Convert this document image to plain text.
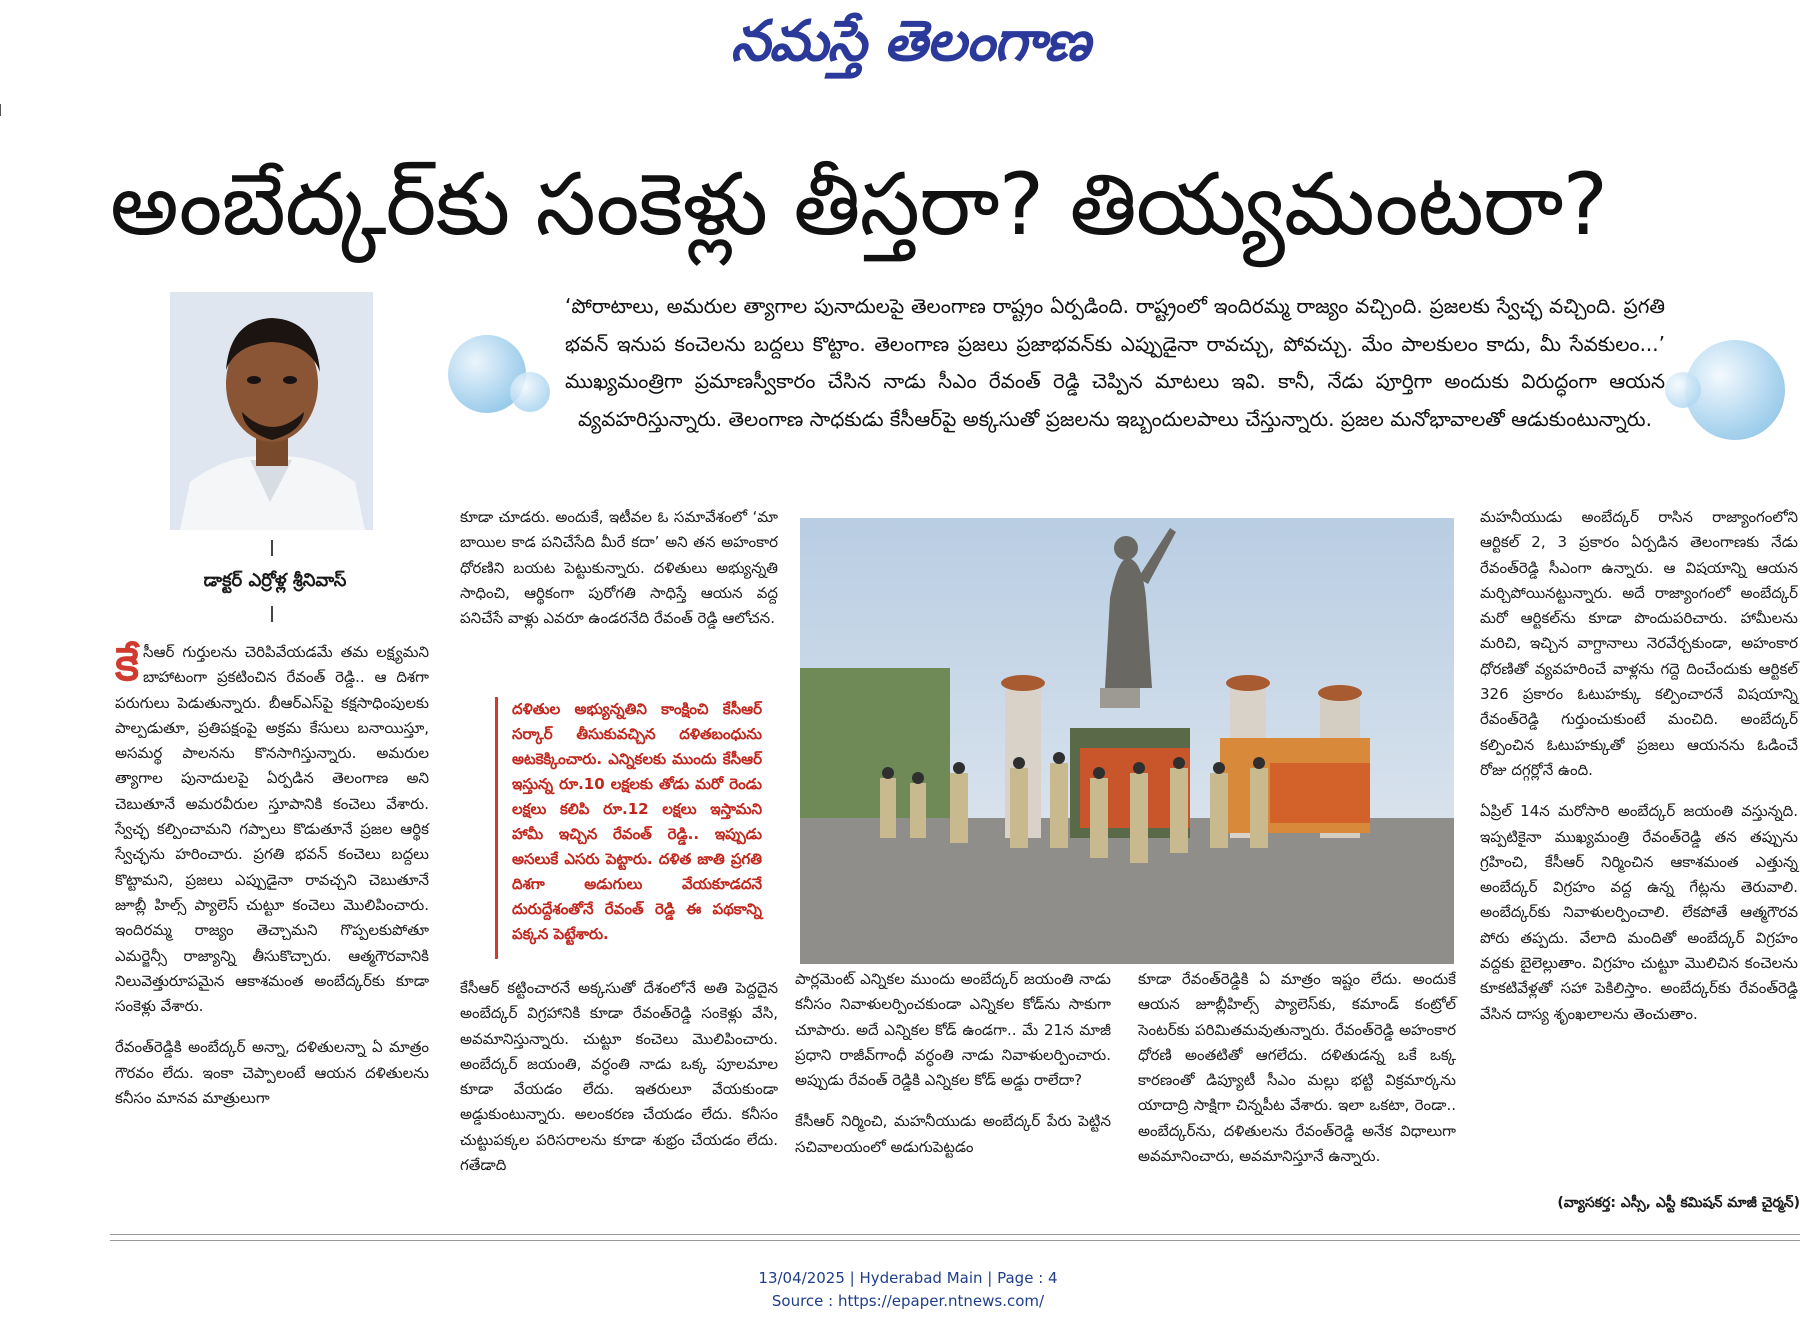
నమస్తే తెలంగాణ
అంబేద్కర్‌కు సంకెళ్లు తీస్తరా? తియ్యమంటరా?
డాక్టర్ ఎర్రోళ్ల శ్రీనివాస్
‘పోరాటాలు, అమరుల త్యాగాల పునాదులపై తెలంగాణ రాష్ట్రం ఏర్పడింది. రాష్ట్రంలో ఇందిరమ్మ రాజ్యం వచ్చింది. ప్రజలకు స్వేచ్ఛ వచ్చింది. ప్రగతి భవన్ ఇనుప కంచెలను బద్దలు కొట్టాం. తెలంగాణ ప్రజలు ప్రజాభవన్‌కు ఎప్పుడైనా రావచ్చు, పోవచ్చు. మేం పాలకులం కాదు, మీ సేవకులం...’ ముఖ్యమంత్రిగా ప్రమాణస్వీకారం చేసిన నాడు సీఎం రేవంత్ రెడ్డి చెప్పిన మాటలు ఇవి. కానీ, నేడు పూర్తిగా అందుకు విరుద్ధంగా ఆయన వ్యవహరిస్తున్నారు. తెలంగాణ సాధకుడు కేసీఆర్‌పై అక్కసుతో ప్రజలను ఇబ్బందులపాలు చేస్తున్నారు. ప్రజల మనోభావాలతో ఆడుకుంటున్నారు.

కేసీఆర్ గుర్తులను చెరిపివేయడమే తమ లక్ష్యమని బాహాటంగా ప్రకటించిన రేవంత్ రెడ్డి.. ఆ దిశగా పరుగులు పెడుతున్నారు. బీఆర్ఎస్‌పై కక్షసాధింపులకు పాల్పడుతూ, ప్రతిపక్షంపై అక్రమ కేసులు బనాయిస్తూ, అసమర్థ పాలనను కొనసాగిస్తున్నారు. అమరుల త్యాగాల పునాదులపై ఏర్పడిన తెలంగాణ అని చెబుతూనే అమరవీరుల స్తూపానికి కంచెలు వేశారు. స్వేచ్ఛ కల్పించామని గప్పాలు కొడుతూనే ప్రజల ఆర్థిక స్వేచ్ఛను హరించారు. ప్రగతి భవన్ కంచెలు బద్దలు కొట్టామని, ప్రజలు ఎప్పుడైనా రావచ్చని చెబుతూనే జూబ్లీ హిల్స్ ప్యాలెస్ చుట్టూ కంచెలు మొలిపించారు. ఇందిరమ్మ రాజ్యం తెచ్చామని గొప్పలకుపోతూ ఎమర్జెన్సీ రాజ్యాన్ని తీసుకొచ్చారు. ఆత్మగౌరవానికి నిలువెత్తురూపమైన ఆకాశమంత అంబేద్కర్‌కు కూడా సంకెళ్లు వేశారు.

రేవంత్‌రెడ్డికి అంబేద్కర్ అన్నా, దళితులన్నా ఏ మాత్రం గౌరవం లేదు. ఇంకా చెప్పాలంటే ఆయన దళితులను కనీసం మానవ మాత్రులుగా

కూడా చూడరు. అందుకే, ఇటీవల ఓ సమావేశంలో ‘మా బాయిల కాడ పనిచేసేది మీరే కదా’ అని తన అహంకార ధోరణిని బయట పెట్టుకున్నారు. దళితులు అభ్యున్నతి సాధించి, ఆర్థికంగా పురోగతి సాధిస్తే ఆయన వద్ద పనిచేసే వాళ్లు ఎవరూ ఉండరనేది రేవంత్ రెడ్డి ఆలోచన.

దళితుల అభ్యున్నతిని కాంక్షించి కేసీఆర్ సర్కార్ తీసుకువచ్చిన దళితబంధును అటకెక్కించారు. ఎన్నికలకు ముందు కేసీఆర్ ఇస్తున్న రూ.10 లక్షలకు తోడు మరో రెండు లక్షలు కలిపి రూ.12 లక్షలు ఇస్తామని హామీ ఇచ్చిన రేవంత్ రెడ్డి.. ఇప్పుడు అసలుకే ఎసరు పెట్టారు. దళిత జాతి ప్రగతి దిశగా అడుగులు వేయకూడదనే దురుద్దేశంతోనే రేవంత్ రెడ్డి ఈ పథకాన్ని పక్కన పెట్టేశారు.

కేసీఆర్ కట్టించారనే అక్కసుతో దేశంలోనే అతి పెద్దదైన అంబేద్కర్ విగ్రహానికి కూడా రేవంత్‌రెడ్డి సంకెళ్లు వేసి, అవమానిస్తున్నారు. చుట్టూ కంచెలు మొలిపించారు. అంబేద్కర్ జయంతి, వర్ధంతి నాడు ఒక్క పూలమాల కూడా వేయడం లేదు. ఇతరులూ వేయకుండా అడ్డుకుంటున్నారు. అలంకరణ చేయడం లేదు. కనీసం చుట్టుపక్కల పరిసరాలను కూడా శుభ్రం చేయడం లేదు. గతేడాది

పార్లమెంట్ ఎన్నికల ముందు అంబేద్కర్ జయంతి నాడు కనీసం నివాళులర్పించకుండా ఎన్నికల కోడ్‌ను సాకుగా చూపారు. అదే ఎన్నికల కోడ్ ఉండగా.. మే 21న మాజీ ప్రధాని రాజీవ్‌గాంధీ వర్ధంతి నాడు నివాళులర్పించారు. అప్పుడు రేవంత్ రెడ్డికి ఎన్నికల కోడ్ అడ్డు రాలేదా?

కేసీఆర్ నిర్మించి, మహనీయుడు అంబేద్కర్ పేరు పెట్టిన సచివాలయంలో అడుగుపెట్టడం

కూడా రేవంత్‌రెడ్డికి ఏ మాత్రం ఇష్టం లేదు. అందుకే ఆయన జూబ్లీహిల్స్ ప్యాలెస్‌కు, కమాండ్ కంట్రోల్ సెంటర్‌కు పరిమితమవుతున్నారు. రేవంత్‌రెడ్డి అహంకార ధోరణి అంతటితో ఆగలేదు. దళితుడన్న ఒకే ఒక్క కారణంతో డిప్యూటీ సీఎం మల్లు భట్టి విక్రమార్కను యాదాద్రి సాక్షిగా చిన్నపీట వేశారు. ఇలా ఒకటా, రెండా.. అంబేద్కర్‌ను, దళితులను రేవంత్‌రెడ్డి అనేక విధాలుగా అవమానించారు, అవమానిస్తూనే ఉన్నారు.

మహనీయుడు అంబేద్కర్ రాసిన రాజ్యాంగంలోని ఆర్టికల్ 2, 3 ప్రకారం ఏర్పడిన తెలంగాణకు నేడు రేవంత్‌రెడ్డి సీఎంగా ఉన్నారు. ఆ విషయాన్ని ఆయన మర్చిపోయినట్టున్నారు. అదే రాజ్యాంగంలో అంబేద్కర్ మరో ఆర్టికల్‌ను కూడా పొందుపరిచారు. హామీలను మరిచి, ఇచ్చిన వాగ్దానాలు నెరవేర్చకుండా, అహంకార ధోరణితో వ్యవహరించే వాళ్లను గద్దె దించేందుకు ఆర్టికల్ 326 ప్రకారం ఓటుహక్కు కల్పించారనే విషయాన్ని రేవంత్‌రెడ్డి గుర్తుంచుకుంటే మంచిది. అంబేద్కర్ కల్పించిన ఓటుహక్కుతో ప్రజలు ఆయనను ఓడించే రోజు దగ్గర్లోనే ఉంది.

ఏప్రిల్ 14న మరోసారి అంబేద్కర్ జయంతి వస్తున్నది. ఇప్పటికైనా ముఖ్యమంత్రి రేవంత్‌రెడ్డి తన తప్పును గ్రహించి, కేసీఆర్ నిర్మించిన ఆకాశమంత ఎత్తున్న అంబేద్కర్ విగ్రహం వద్ద ఉన్న గేట్లను తెరువాలి. అంబేద్కర్‌కు నివాళులర్పించాలి. లేకపోతే ఆత్మగౌరవ పోరు తప్పదు. వేలాది మందితో అంబేద్కర్ విగ్రహం వద్దకు బైలెల్లుతాం. విగ్రహం చుట్టూ మొలిచిన కంచెలను కూకటివేళ్లతో సహా పెకిలిస్తాం. అంబేద్కర్‌కు రేవంత్‌రెడ్డి వేసిన దాస్య శృంఖలాలను తెంచుతాం.

(వ్యాసకర్త: ఎస్సీ, ఎస్టీ కమిషన్ మాజీ చైర్మన్)
13/04/2025 | Hyderabad Main | Page : 4
Source : https://epaper.ntnews.com/
